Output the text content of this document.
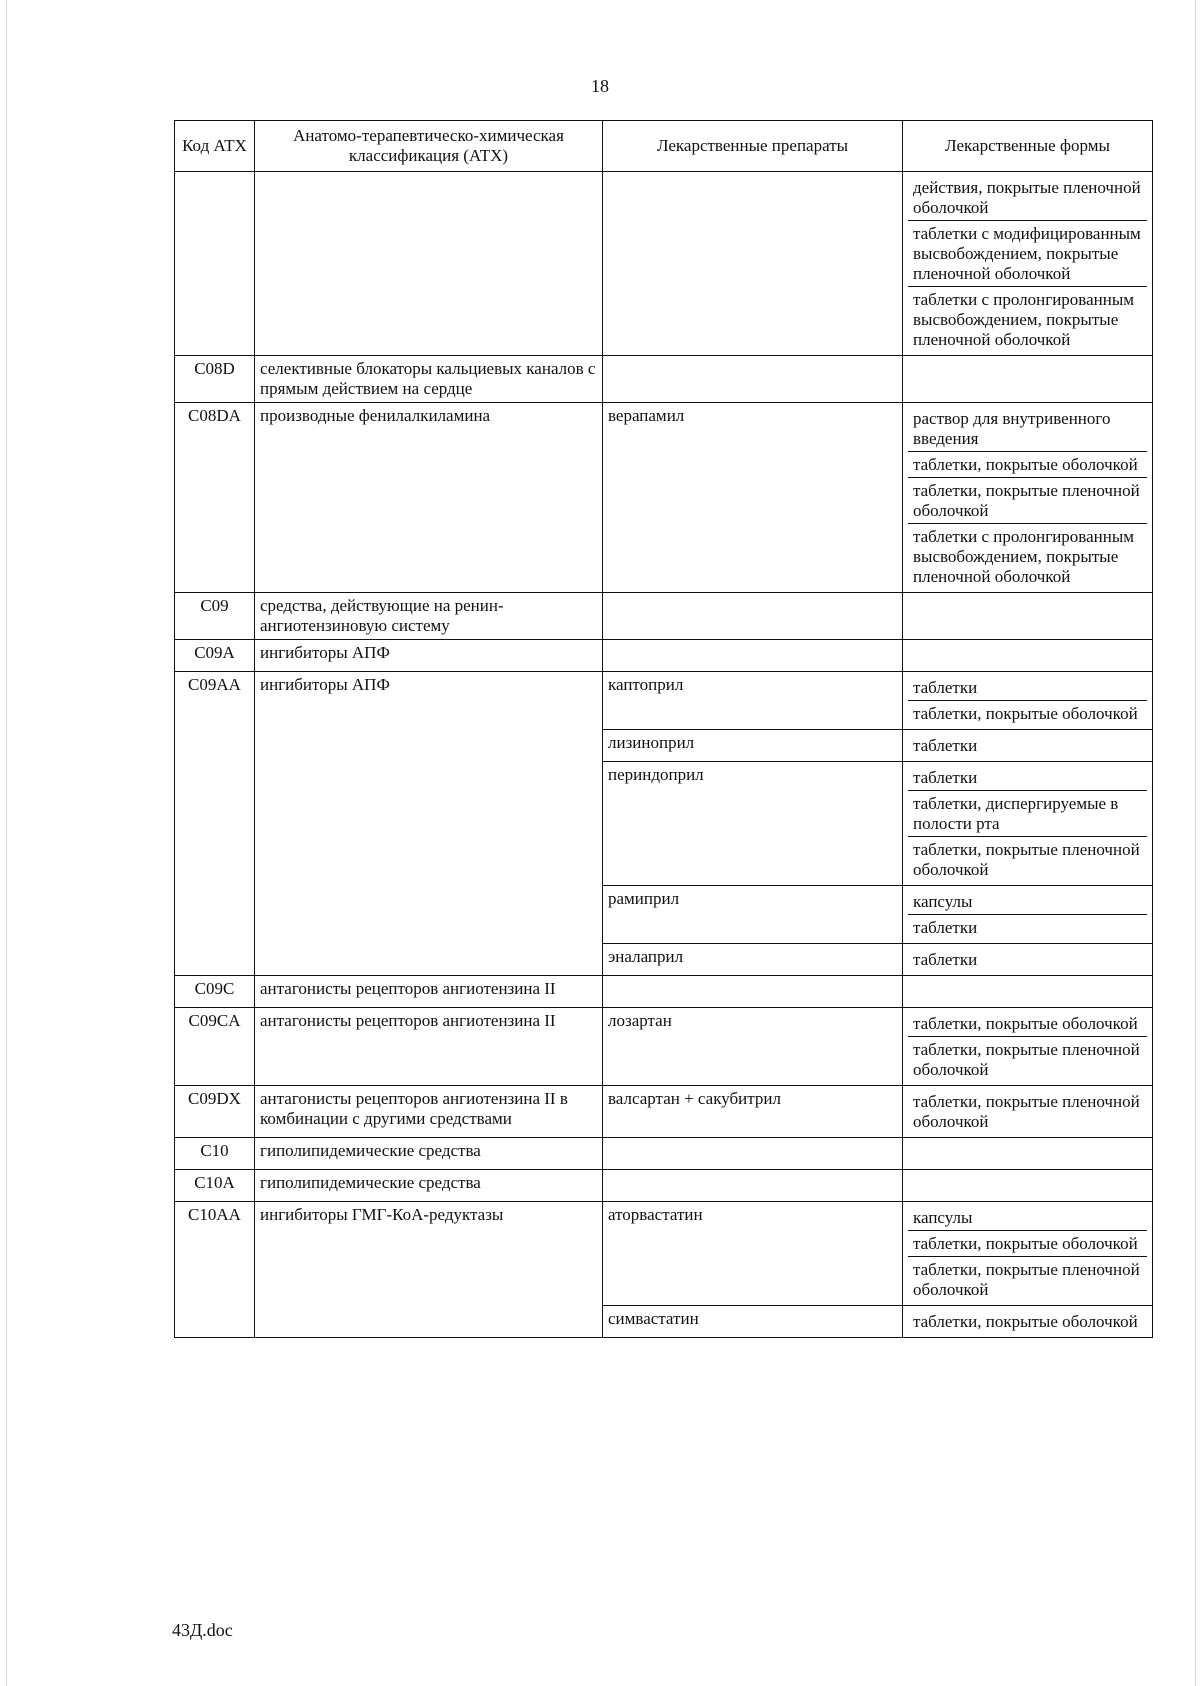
18
Код АТХ	Анатомо-терапевтическо-химическая классификация (АТХ)	Лекарственные препараты	Лекарственные формы

			действия, покрытые пленочной оболочкой
таблетки с модифицированным высвобождением, покрытые пленочной оболочкой
таблетки с пролонгированным высвобождением, покрытые пленочной оболочкой

C08D	селективные блокаторы кальциевых каналов с прямым действием на сердце		

C08DA	производные фенилалкиламина	верапамил	раствор для внутривенного введения
таблетки, покрытые оболочкой
таблетки, покрытые пленочной оболочкой
таблетки с пролонгированным высвобождением, покрытые пленочной оболочкой

C09	средства, действующие на ренин-ангиотензиновую систему		

C09A	ингибиторы АПФ		

C09AA	ингибиторы АПФ	каптоприл	таблетки
таблетки, покрытые оболочкой

		лизиноприл	таблетки

		периндоприл	таблетки
таблетки, диспергируемые в полости рта
таблетки, покрытые пленочной оболочкой

		рамиприл	капсулы
таблетки

		эналаприл	таблетки

C09C	антагонисты рецепторов ангиотензина II		

C09CA	антагонисты рецепторов ангиотензина II	лозартан	таблетки, покрытые оболочкой
таблетки, покрытые пленочной оболочкой

C09DX	антагонисты рецепторов ангиотензина II в комбинации с другими средствами	валсартан + сакубитрил	таблетки, покрытые пленочной оболочкой

C10	гиполипидемические средства		

C10A	гиполипидемические средства		

C10AA	ингибиторы ГМГ-КоА-редуктазы	аторвастатин	капсулы
таблетки, покрытые оболочкой
таблетки, покрытые пленочной оболочкой

		симвастатин	таблетки, покрытые оболочкой
43Д.doc
